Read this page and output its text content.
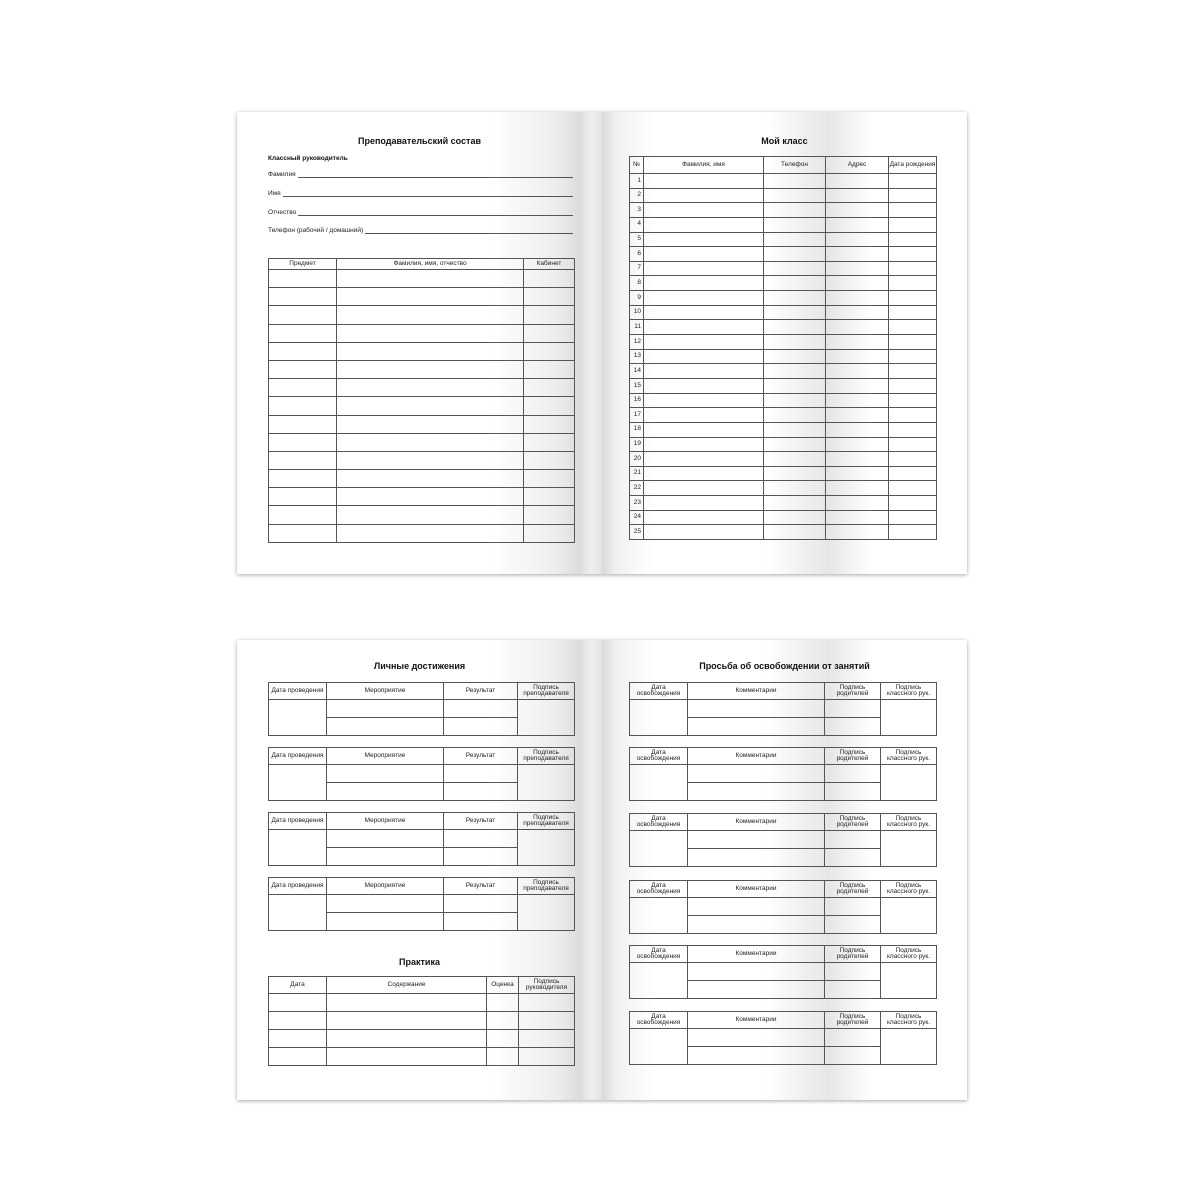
Преподавательский состав
Классный руководитель
Фамилия
Имя
Отчество
Телефон (рабочий / домашний)
Предмет	Фамилия, имя, отчество	Кабинет

Мой класс
№	Фамилия, имя	Телефон	Адрес	Дата рождения
1				
2				
3				
4				
5				
6				
7				
8				
9				
10				
11				
12				
13				
14				
15				
16				
17				
18				
19				
20				
21				
22				
23				
24				
25				
Личные достижения
Дата проведения	Мероприятие	Результат	Подпись преподавателя

Дата проведения	Мероприятие	Результат	Подпись преподавателя

Дата проведения	Мероприятие	Результат	Подпись преподавателя

Дата проведения	Мероприятие	Результат	Подпись преподавателя

Практика
Дата	Содержание	Оценка	Подпись руководителя

Просьба об освобождении от занятий
Дата освобождения	Комментарии	Подпись родителей	Подпись классного рук.

Дата освобождения	Комментарии	Подпись родителей	Подпись классного рук.

Дата освобождения	Комментарии	Подпись родителей	Подпись классного рук.

Дата освобождения	Комментарии	Подпись родителей	Подпись классного рук.

Дата освобождения	Комментарии	Подпись родителей	Подпись классного рук.

Дата освобождения	Комментарии	Подпись родителей	Подпись классного рук.
